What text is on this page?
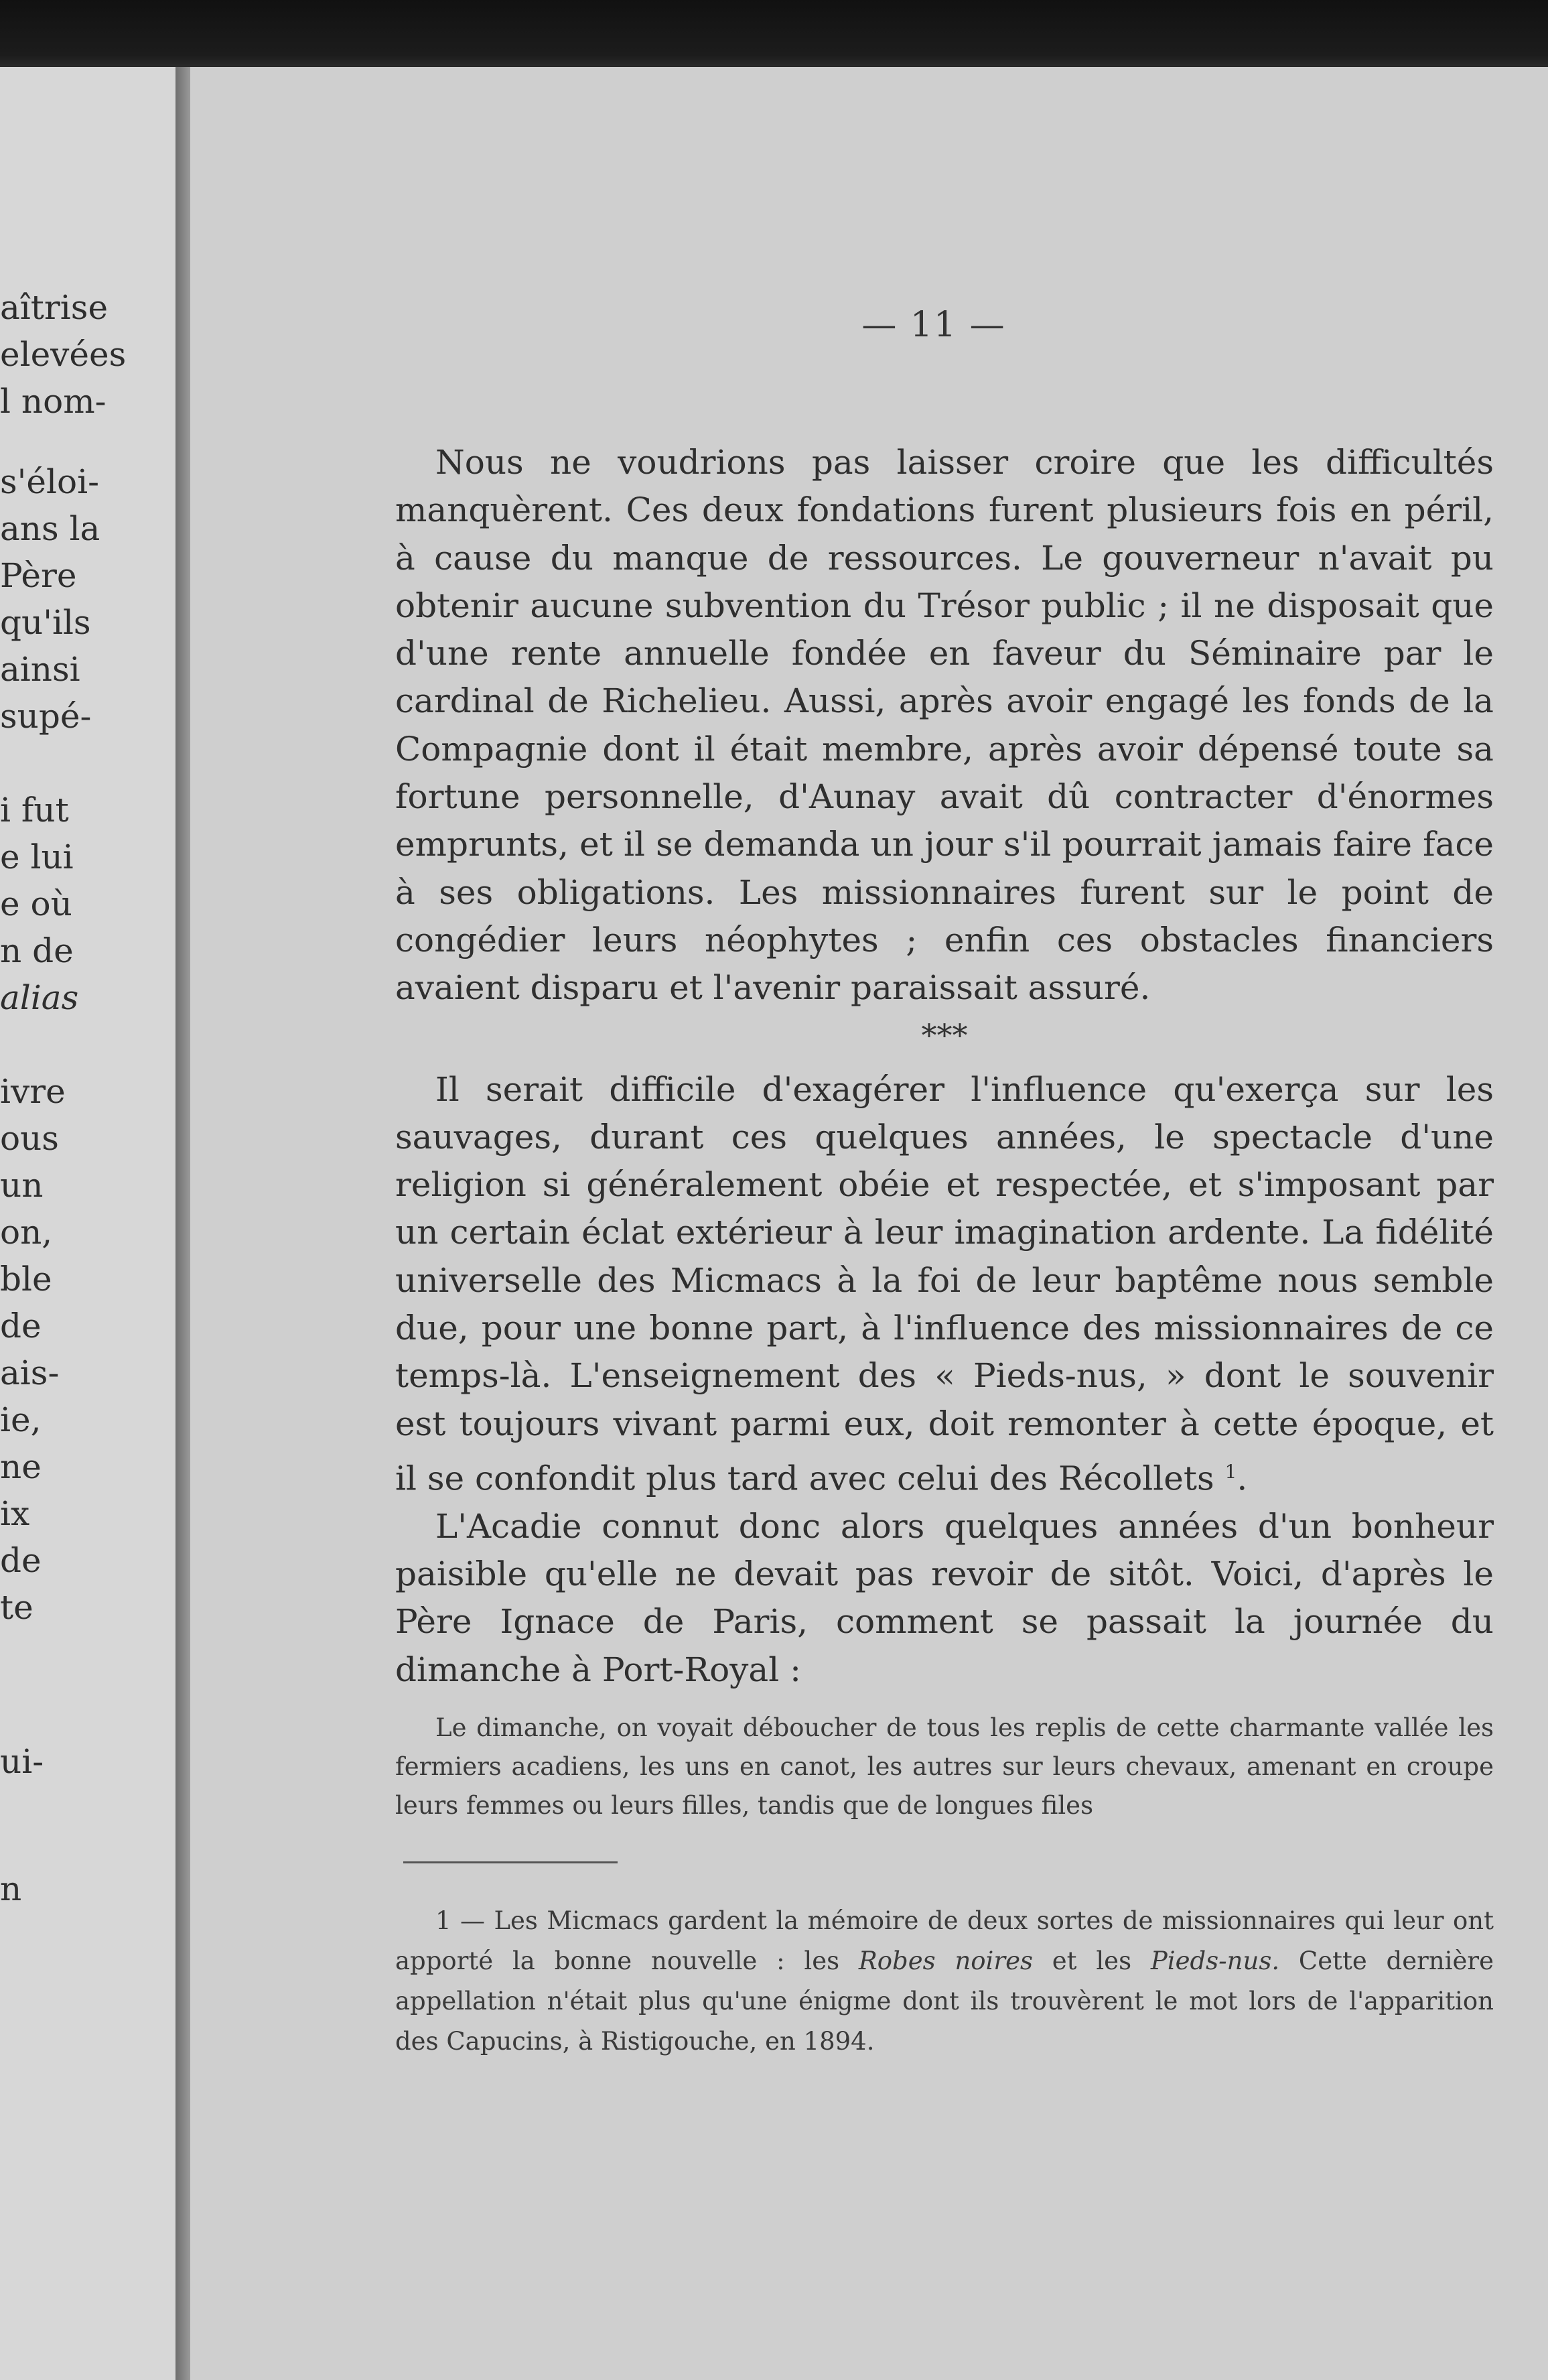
aîtrise
elevées
l nom-
s'éloi-
ans la
Père
qu'ils
ainsi
supé-
i fut
e lui
e où
n de
alias
ivre
ous
un
on,
ble
de
ais-
ie,
ne
ix
de
te
ui-
n
— 11 —

Nous ne voudrions pas laisser croire que les difficultés manquèrent. Ces deux fondations furent plusieurs fois en péril, à cause du manque de ressources. Le gouverneur n'avait pu obtenir aucune subvention du Trésor public ; il ne disposait que d'une rente annuelle fondée en faveur du Séminaire par le cardinal de Richelieu. Aussi, après avoir engagé les fonds de la Compagnie dont il était membre, après avoir dépensé toute sa fortune personnelle, d'Aunay avait dû contracter d'énormes emprunts, et il se demanda un jour s'il pourrait jamais faire face à ses obligations. Les missionnaires furent sur le point de congédier leurs néophytes ; enfin ces obstacles financiers avaient disparu et l'avenir paraissait assuré.

***

Il serait difficile d'exagérer l'influence qu'exerça sur les sauvages, durant ces quelques années, le spectacle d'une religion si généralement obéie et respectée, et s'imposant par un certain éclat extérieur à leur imagination ardente. La fidélité universelle des Micmacs à la foi de leur baptême nous semble due, pour une bonne part, à l'influence des missionnaires de ce temps-là. L'enseignement des « Pieds-nus, » dont le souvenir est toujours vivant parmi eux, doit remonter à cette époque, et il se confondit plus tard avec celui des Récollets $^1$.

L'Acadie connut donc alors quelques années d'un bonheur paisible qu'elle ne devait pas revoir de sitôt. Voici, d'après le Père Ignace de Paris, comment se passait la journée du dimanche à Port-Royal :

Le dimanche, on voyait déboucher de tous les replis de cette charmante vallée les fermiers acadiens, les uns en canot, les autres sur leurs chevaux, amenant en croupe leurs femmes ou leurs filles, tandis que de longues files

1 — Les Micmacs gardent la mémoire de deux sortes de missionnaires qui leur ont apporté la bonne nouvelle : les Robes noires et les Pieds-nus. Cette dernière appellation n'était plus qu'une énigme dont ils trouvèrent le mot lors de l'apparition des Capucins, à Ristigouche, en 1894.
